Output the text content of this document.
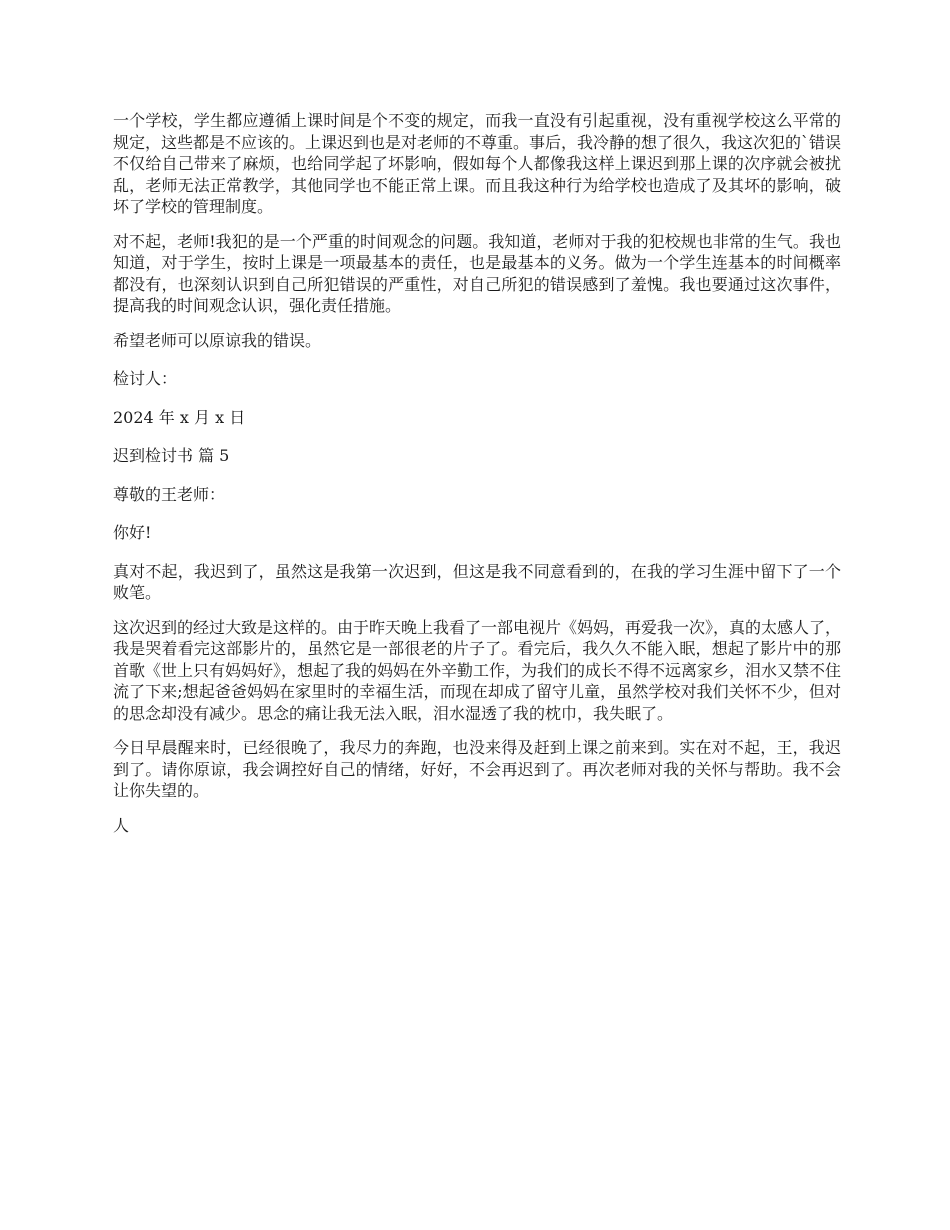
一个学校，学生都应遵循上课时间是个不变的规定，而我一直没有引起重视，没有重视学校这么平常的规定，这些都是不应该的。上课迟到也是对老师的不尊重。事后，我冷静的想了很久，我这次犯的`错误不仅给自己带来了麻烦，也给同学起了坏影响，假如每个人都像我这样上课迟到那上课的次序就会被扰乱，老师无法正常教学，其他同学也不能正常上课。而且我这种行为给学校也造成了及其坏的影响，破坏了学校的管理制度。

对不起，老师!我犯的是一个严重的时间观念的问题。我知道，老师对于我的犯校规也非常的生气。我也知道，对于学生，按时上课是一项最基本的责任，也是最基本的义务。做为一个学生连基本的时间概率都没有，也深刻认识到自己所犯错误的严重性，对自己所犯的错误感到了羞愧。我也要通过这次事件，提高我的时间观念认识，强化责任措施。

希望老师可以原谅我的错误。

检讨人：

2024 年 x 月 x 日

迟到检讨书 篇 5

尊敬的王老师：

你好!

真对不起，我迟到了，虽然这是我第一次迟到，但这是我不同意看到的，在我的学习生涯中留下了一个败笔。

这次迟到的经过大致是这样的。由于昨天晚上我看了一部电视片《妈妈，再爱我一次》，真的太感人了，我是哭着看完这部影片的，虽然它是一部很老的片子了。看完后，我久久不能入眠，想起了影片中的那首歌《世上只有妈妈好》，想起了我的妈妈在外辛勤工作，为我们的成长不得不远离家乡，泪水又禁不住流了下来;想起爸爸妈妈在家里时的幸福生活，而现在却成了留守儿童，虽然学校对我们关怀不少，但对的思念却没有减少。思念的痛让我无法入眠，泪水湿透了我的枕巾，我失眠了。

今日早晨醒来时，已经很晚了，我尽力的奔跑，也没来得及赶到上课之前来到。实在对不起，王，我迟到了。请你原谅，我会调控好自己的情绪，好好，不会再迟到了。再次老师对我的关怀与帮助。我不会让你失望的。

人
